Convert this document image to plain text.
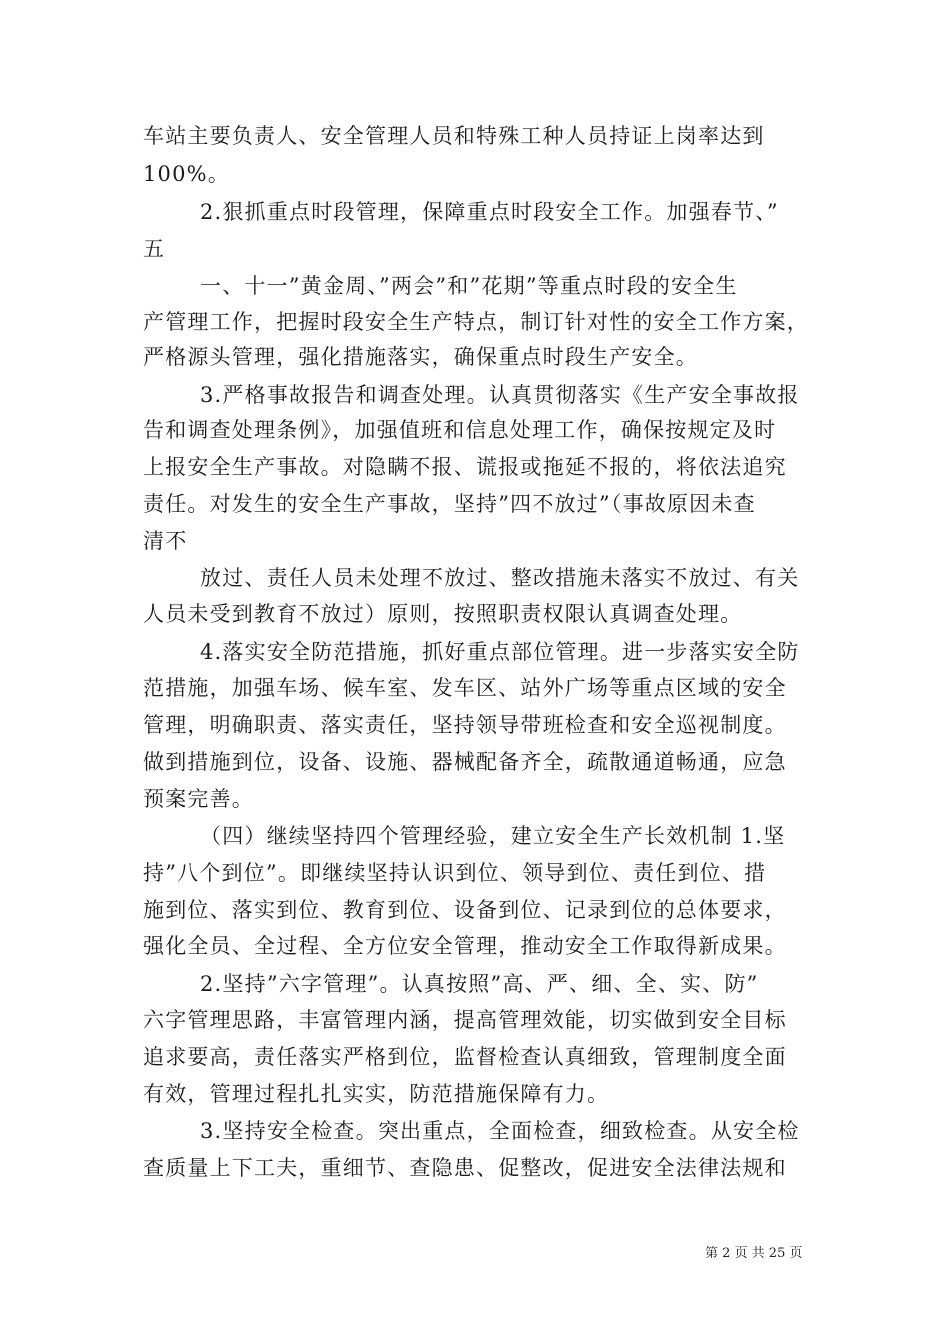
车站主要负责人、安全管理人员和特殊工种人员持证上岗率达到
100%。
2.狠抓重点时段管理，保障重点时段安全工作。加强春节、”
五
一、十一”黄金周、”两会”和”花期”等重点时段的安全生
产管理工作，把握时段安全生产特点，制订针对性的安全工作方案，
严格源头管理，强化措施落实，确保重点时段生产安全。
3.严格事故报告和调查处理。认真贯彻落实《生产安全事故报
告和调查处理条例》，加强值班和信息处理工作，确保按规定及时
上报安全生产事故。对隐瞒不报、谎报或拖延不报的，将依法追究
责任。对发生的安全生产事故，坚持”四不放过”（事故原因未查
清不
放过、责任人员未处理不放过、整改措施未落实不放过、有关
人员未受到教育不放过）原则，按照职责权限认真调查处理。
4.落实安全防范措施，抓好重点部位管理。进一步落实安全防
范措施，加强车场、候车室、发车区、站外广场等重点区域的安全
管理，明确职责、落实责任，坚持领导带班检查和安全巡视制度。
做到措施到位，设备、设施、器械配备齐全，疏散通道畅通，应急
预案完善。
（四）继续坚持四个管理经验，建立安全生产长效机制 1.坚
持”八个到位”。即继续坚持认识到位、领导到位、责任到位、措
施到位、落实到位、教育到位、设备到位、记录到位的总体要求，
强化全员、全过程、全方位安全管理，推动安全工作取得新成果。
2.坚持”六字管理”。认真按照”高、严、细、全、实、防”
六字管理思路，丰富管理内涵，提高管理效能，切实做到安全目标
追求要高，责任落实严格到位，监督检查认真细致，管理制度全面
有效，管理过程扎扎实实，防范措施保障有力。
3.坚持安全检查。突出重点，全面检查，细致检查。从安全检
查质量上下工夫，重细节、查隐患、促整改，促进安全法律法规和
第 2 页 共 25 页
